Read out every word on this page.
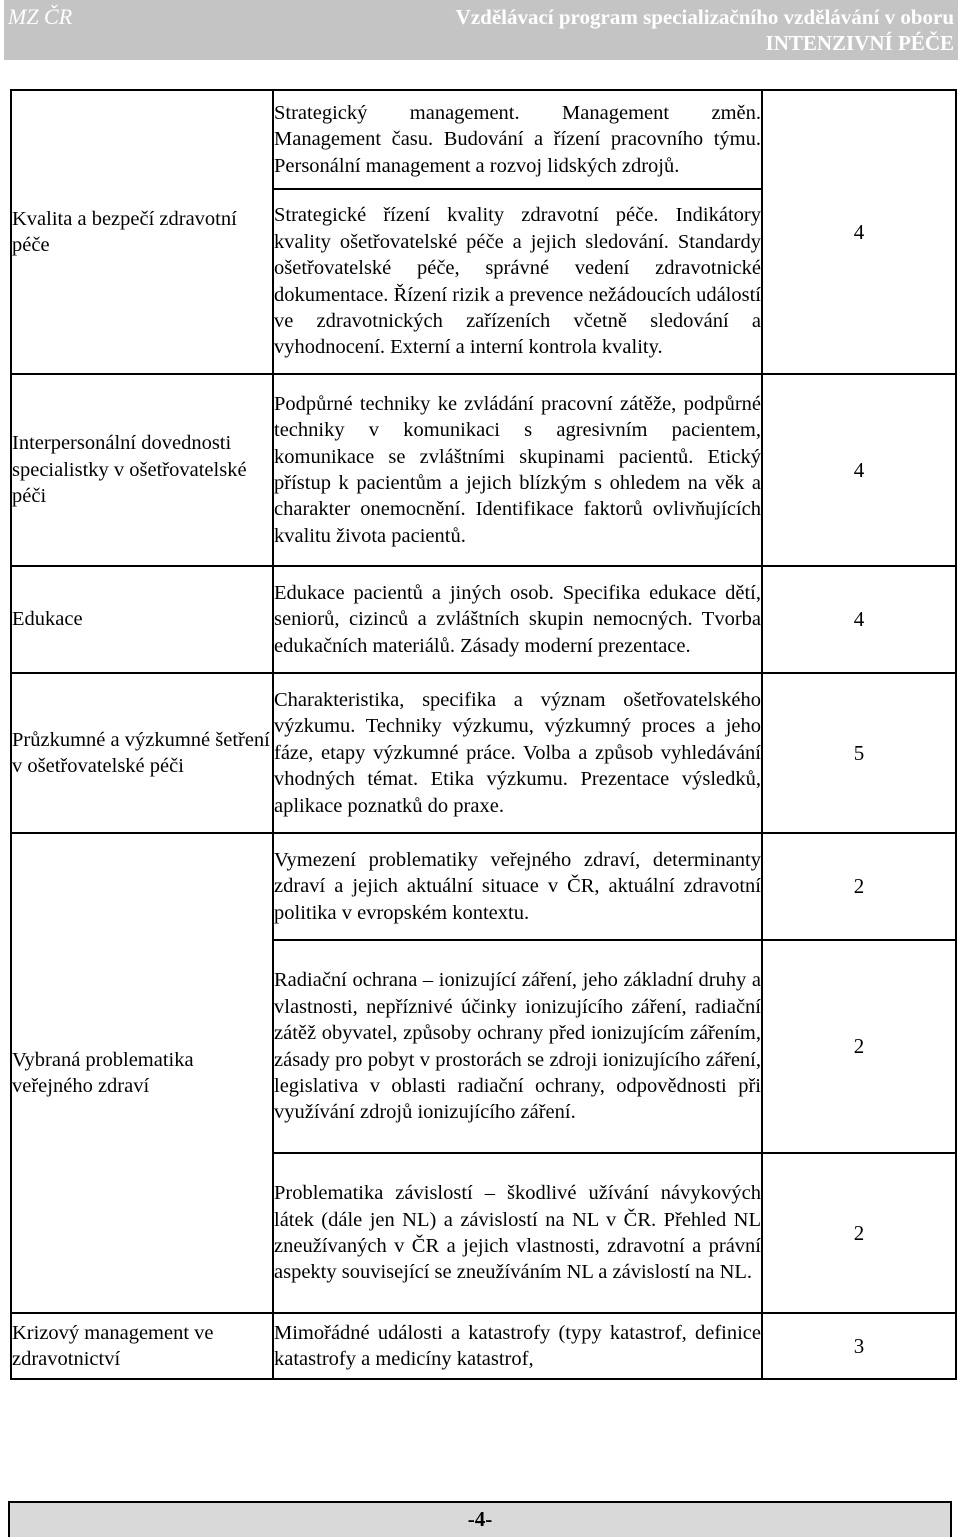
MZ ČR	Vzdělávací program specializačního vzdělávání v oboru
INTENZIVNÍ PÉČE
Kvalita a bezpečí zdravotní péče	Strategický management. Management změn. Management času. Budování a řízení pracovního týmu. Personální management a rozvoj lidských zdrojů.	4

	Strategické řízení kvality zdravotní péče. Indikátory kvality ošetřovatelské péče a jejich sledování. Standardy ošetřovatelské péče, správné vedení zdravotnické dokumentace. Řízení rizik a prevence nežádoucích událostí ve zdravotnických zařízeních včetně sledování a vyhodnocení. Externí a interní kontrola kvality.	

Interpersonální dovednosti specialistky v ošetřovatelské péči	Podpůrné techniky ke zvládání pracovní zátěže, podpůrné techniky v komunikaci s agresivním pacientem, komunikace se zvláštními skupinami pacientů. Etický přístup k pacientům a jejich blízkým s ohledem na věk a charakter onemocnění. Identifikace faktorů ovlivňujících kvalitu života pacientů.	4
Edukace	Edukace pacientů a jiných osob. Specifika edukace dětí, seniorů, cizinců a zvláštních skupin nemocných. Tvorba edukačních materiálů. Zásady moderní prezentace.	4
Průzkumné a výzkumné šetření v ošetřovatelské péči	Charakteristika, specifika a význam ošetřovatelského výzkumu. Techniky výzkumu, výzkumný proces a jeho fáze, etapy výzkumné práce. Volba a způsob vyhledávání vhodných témat. Etika výzkumu. Prezentace výsledků, aplikace poznatků do praxe.	5
Vybraná problematika veřejného zdraví	Vymezení problematiky veřejného zdraví, determinanty zdraví a jejich aktuální situace v ČR, aktuální zdravotní politika v evropském kontextu.	2

	Radiační ochrana – ionizující záření, jeho základní druhy a vlastnosti, nepříznivé účinky ionizujícího záření, radiační zátěž obyvatel, způsoby ochrany před ionizujícím zářením, zásady pro pobyt v prostorách se zdroji ionizujícího záření, legislativa v oblasti radiační ochrany, odpovědnosti při využívání zdrojů ionizujícího záření.	2

	Problematika závislostí – škodlivé užívání návykových látek (dále jen NL) a závislostí na NL v ČR. Přehled NL zneužívaných v ČR a jejich vlastnosti, zdravotní a právní aspekty související se zneužíváním NL a závislostí na NL.	2
Krizový management ve zdravotnictví	Mimořádné události a katastrofy (typy katastrof, definice katastrofy a medicíny katastrof,	3
-4-
